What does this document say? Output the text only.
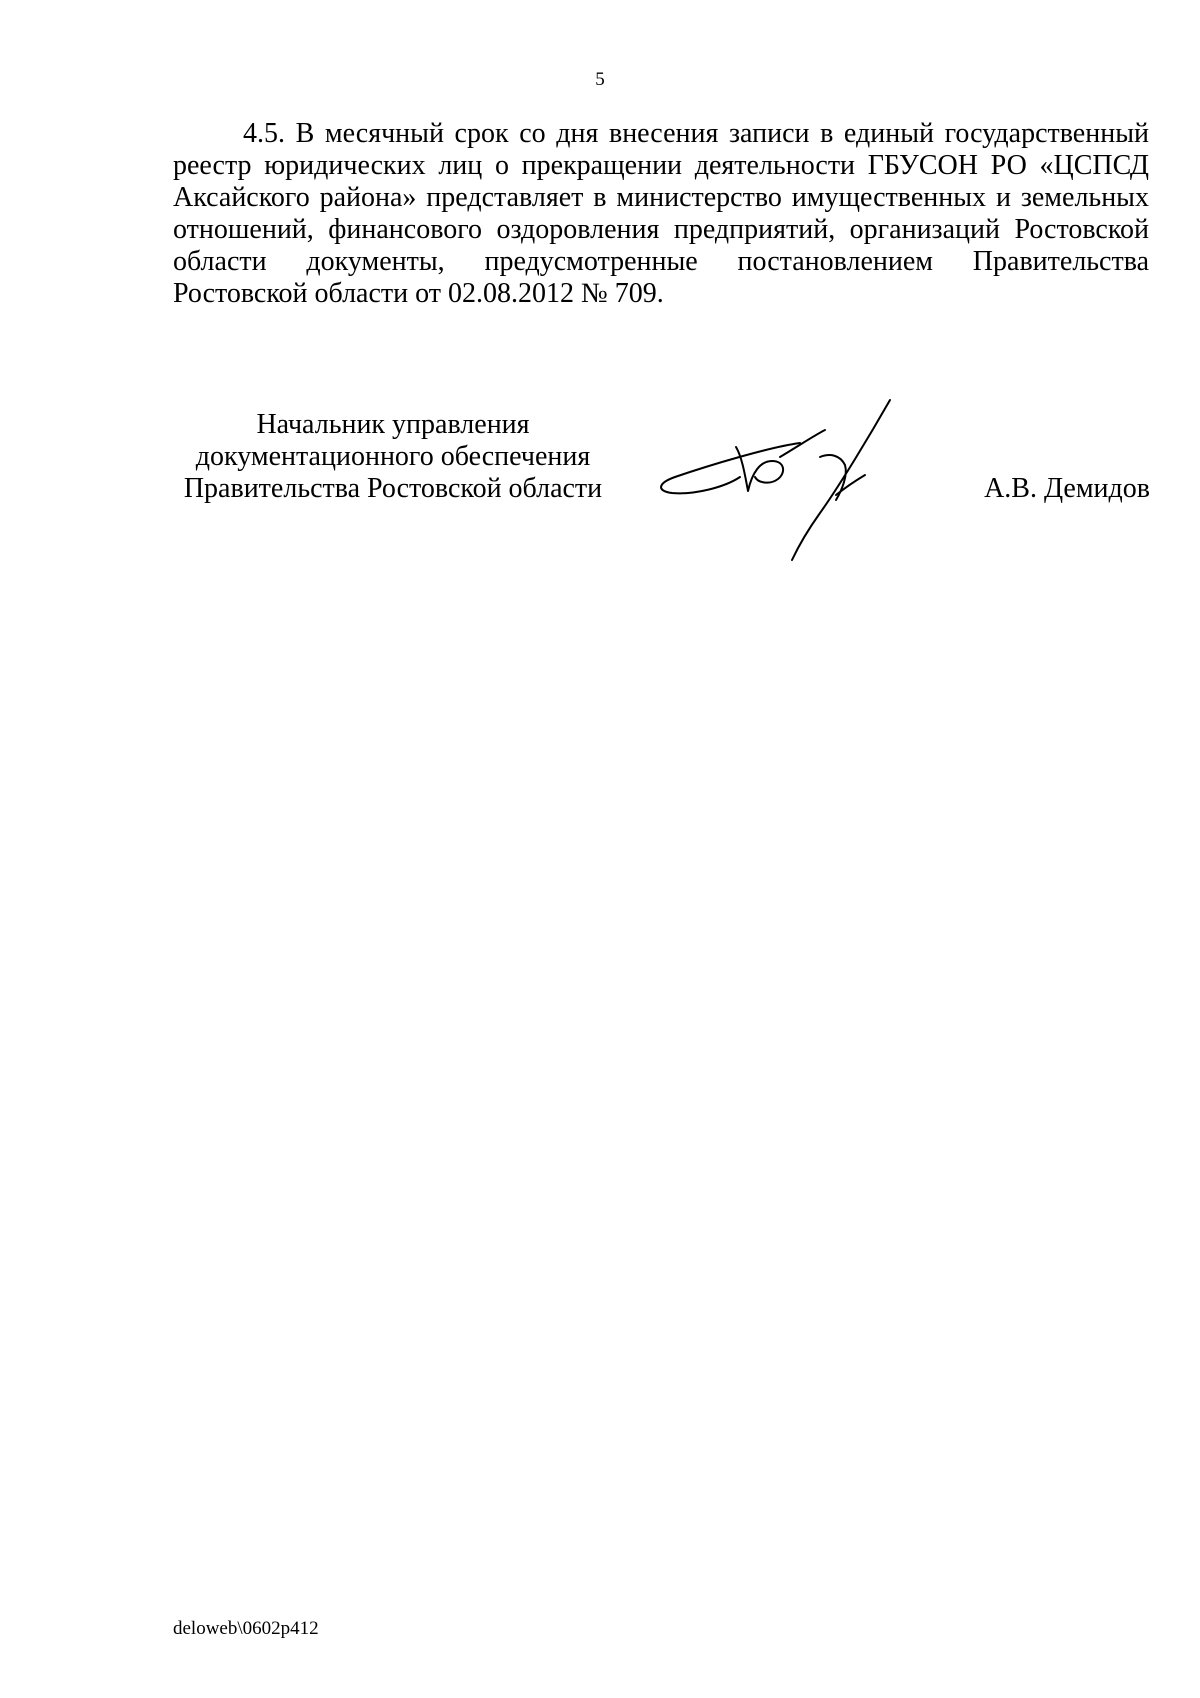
5

4.5. В месячный срок со дня внесения записи в единый государственный реестр юридических лиц о прекращении деятельности ГБУСОН РО «ЦСПСД Аксайского района» представляет в министерство имущественных и земельных отношений, финансового оздоровления предприятий, организаций Ростовской области документы, предусмотренные постановлением Правительства Ростовской области от 02.08.2012 № 709.

Начальник управления
документационного обеспечения
Правительства Ростовской области	А.В. Демидов
deloweb\0602p412
